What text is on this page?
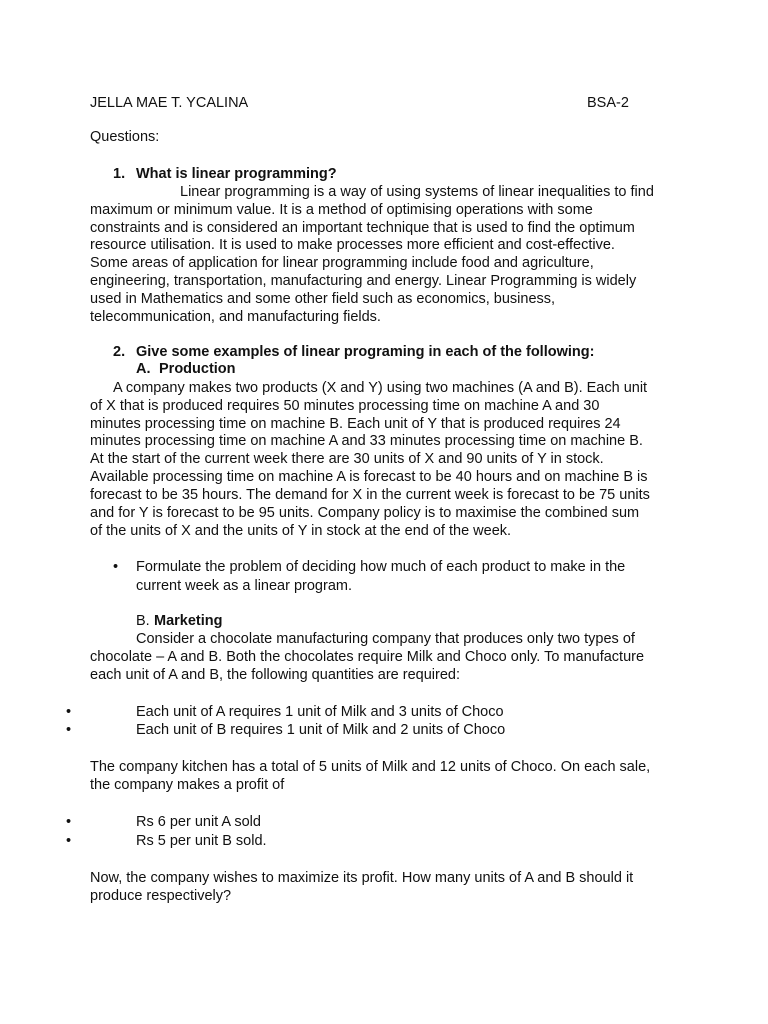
JELLA MAE T. YCALINA	BSA-2
Questions:
1. What is linear programming?
Linear programming is a way of using systems of linear inequalities to find
maximum or minimum value. It is a method of optimising operations with some
constraints and is considered an important technique that is used to find the optimum
resource utilisation. It is used to make processes more efficient and cost-effective.
Some areas of application for linear programming include food and agriculture,
engineering, transportation, manufacturing and energy. Linear Programming is widely
used in Mathematics and some other field such as economics, business,
telecommunication, and manufacturing fields.
2. Give some examples of linear programing in each of the following:
A. Production
A company makes two products (X and Y) using two machines (A and B). Each unit
of X that is produced requires 50 minutes processing time on machine A and 30
minutes processing time on machine B. Each unit of Y that is produced requires 24
minutes processing time on machine A and 33 minutes processing time on machine B.
At the start of the current week there are 30 units of X and 90 units of Y in stock.
Available processing time on machine A is forecast to be 40 hours and on machine B is
forecast to be 35 hours. The demand for X in the current week is forecast to be 75 units
and for Y is forecast to be 95 units. Company policy is to maximise the combined sum
of the units of X and the units of Y in stock at the end of the week.
• Formulate the problem of deciding how much of each product to make in the
current week as a linear program.
B. Marketing
Consider a chocolate manufacturing company that produces only two types of
chocolate – A and B. Both the chocolates require Milk and Choco only. To manufacture
each unit of A and B, the following quantities are required:
•	Each unit of A requires 1 unit of Milk and 3 units of Choco
•	Each unit of B requires 1 unit of Milk and 2 units of Choco
The company kitchen has a total of 5 units of Milk and 12 units of Choco. On each sale,
the company makes a profit of
•	Rs 6 per unit A sold
•	Rs 5 per unit B sold.
Now, the company wishes to maximize its profit. How many units of A and B should it
produce respectively?
